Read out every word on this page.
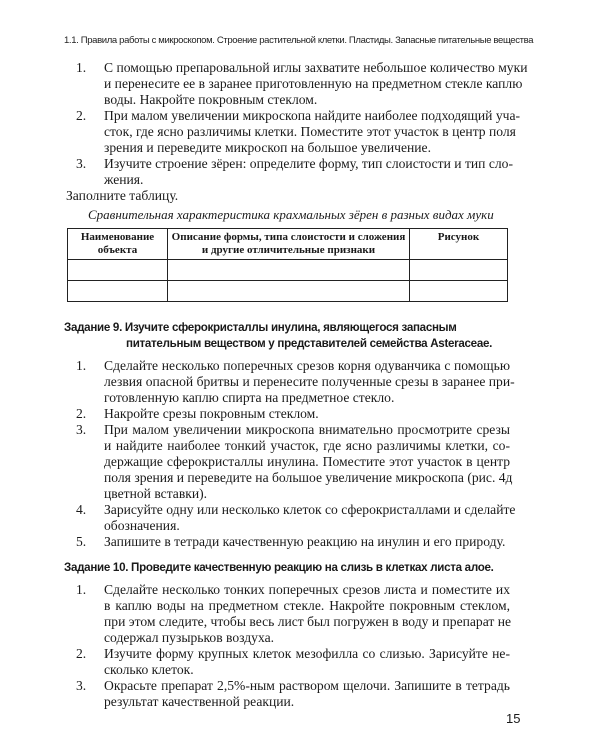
1.1. Правила работы с микроскопом. Строение растительной клетки. Пластиды. Запасные питательные вещества
1. С помощью препаровальной иглы захватите небольшое количество муки
и перенесите ее в заранее приготовленную на предметном стекле каплю
воды. Накройте покровным стеклом.
2. При малом увеличении микроскопа найдите наиболее подходящий уча-
сток, где ясно различимы клетки. Поместите этот участок в центр поля
зрения и переведите микроскоп на большое увеличение.
3. Изучите строение зёрен: определите форму, тип слоистости и тип сло-
жения.
Заполните таблицу.
Сравнительная характеристика крахмальных зёрен в разных видах муки
Наименование объекта	Описание формы, типа слоистости и сложения и другие отличительные признаки	Рисунок

Задание 9. Изучите сферокристаллы инулина, являющегося запасным
питательным веществом у представителей семейства Asteraceae.
1. Сделайте несколько поперечных срезов корня одуванчика с помощью
лезвия опасной бритвы и перенесите полученные срезы в заранее при-
готовленную каплю спирта на предметное стекло.
2. Накройте срезы покровным стеклом.
3. При малом увеличении микроскопа внимательно просмотрите срезы
и найдите наиболее тонкий участок, где ясно различимы клетки, со-
держащие сферокристаллы инулина. Поместите этот участок в центр
поля зрения и переведите на большое увеличение микроскопа (рис. 4д
цветной вставки).
4. Зарисуйте одну или несколько клеток со сферокристаллами и сделайте
обозначения.
5. Запишите в тетради качественную реакцию на инулин и его природу.
Задание 10. Проведите качественную реакцию на слизь в клетках листа алое.
1. Сделайте несколько тонких поперечных срезов листа и поместите их
в каплю воды на предметном стекле. Накройте покровным стеклом,
при этом следите, чтобы весь лист был погружен в воду и препарат не
содержал пузырьков воздуха.
2. Изучите форму крупных клеток мезофилла со слизью. Зарисуйте не-
сколько клеток.
3. Окрасьте препарат 2,5%-ным раствором щелочи. Запишите в тетрадь
результат качественной реакции.
15
